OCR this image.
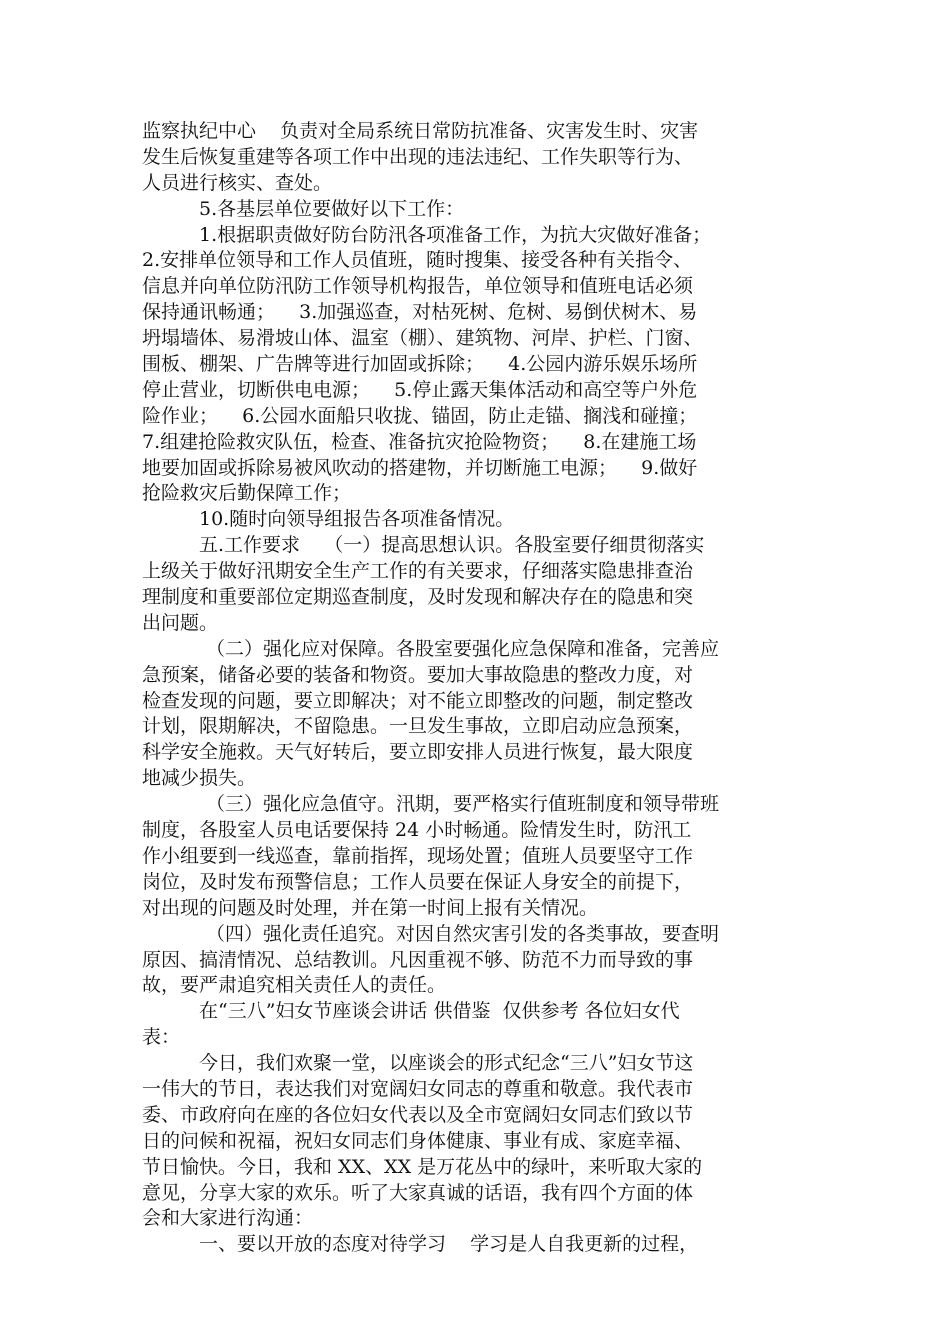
监察执纪中心    负责对全局系统日常防抗准备、灾害发生时、灾害
发生后恢复重建等各项工作中出现的违法违纪、工作失职等行为、
人员进行核实、查处。
5.各基层单位要做好以下工作：
1.根据职责做好防台防汛各项准备工作，为抗大灾做好准备；
2.安排单位领导和工作人员值班，随时搜集、接受各种有关指令、
信息并向单位防汛防工作领导机构报告，单位领导和值班电话必须
保持通讯畅通；    3.加强巡查，对枯死树、危树、易倒伏树木、易
坍塌墙体、易滑坡山体、温室（棚）、建筑物、河岸、护栏、门窗、
围板、棚架、广告牌等进行加固或拆除；    4.公园内游乐娱乐场所
停止营业，切断供电电源；    5.停止露天集体活动和高空等户外危
险作业；    6.公园水面船只收拢、锚固，防止走锚、搁浅和碰撞；
7.组建抢险救灾队伍，检查、准备抗灾抢险物资；    8.在建施工场
地要加固或拆除易被风吹动的搭建物，并切断施工电源；    9.做好
抢险救灾后勤保障工作；
10.随时向领导组报告各项准备情况。
五.工作要求    （一）提高思想认识。各股室要仔细贯彻落实
上级关于做好汛期安全生产工作的有关要求，仔细落实隐患排查治
理制度和重要部位定期巡查制度，及时发现和解决存在的隐患和突
出问题。
（二）强化应对保障。各股室要强化应急保障和准备，完善应
急预案，储备必要的装备和物资。要加大事故隐患的整改力度，对
检查发现的问题，要立即解决；对不能立即整改的问题，制定整改
计划，限期解决，不留隐患。一旦发生事故，立即启动应急预案，
科学安全施救。天气好转后，要立即安排人员进行恢复，最大限度
地减少损失。
（三）强化应急值守。汛期，要严格实行值班制度和领导带班
制度，各股室人员电话要保持 24 小时畅通。险情发生时，防汛工
作小组要到一线巡查，靠前指挥，现场处置；值班人员要坚守工作
岗位，及时发布预警信息；工作人员要在保证人身安全的前提下，
对出现的问题及时处理，并在第一时间上报有关情况。
（四）强化责任追究。对因自然灾害引发的各类事故，要查明
原因、搞清情况、总结教训。凡因重视不够、防范不力而导致的事
故，要严肃追究相关责任人的责任。
在“三八”妇女节座谈会讲话 供借鉴  仅供参考 各位妇女代
表：
今日，我们欢聚一堂，以座谈会的形式纪念“三八”妇女节这
一伟大的节日，表达我们对宽阔妇女同志的尊重和敬意。我代表市
委、市政府向在座的各位妇女代表以及全市宽阔妇女同志们致以节
日的问候和祝福，祝妇女同志们身体健康、事业有成、家庭幸福、
节日愉快。今日，我和 XX、XX 是万花丛中的绿叶，来听取大家的
意见，分享大家的欢乐。听了大家真诚的话语，我有四个方面的体
会和大家进行沟通：
一、要以开放的态度对待学习    学习是人自我更新的过程，
